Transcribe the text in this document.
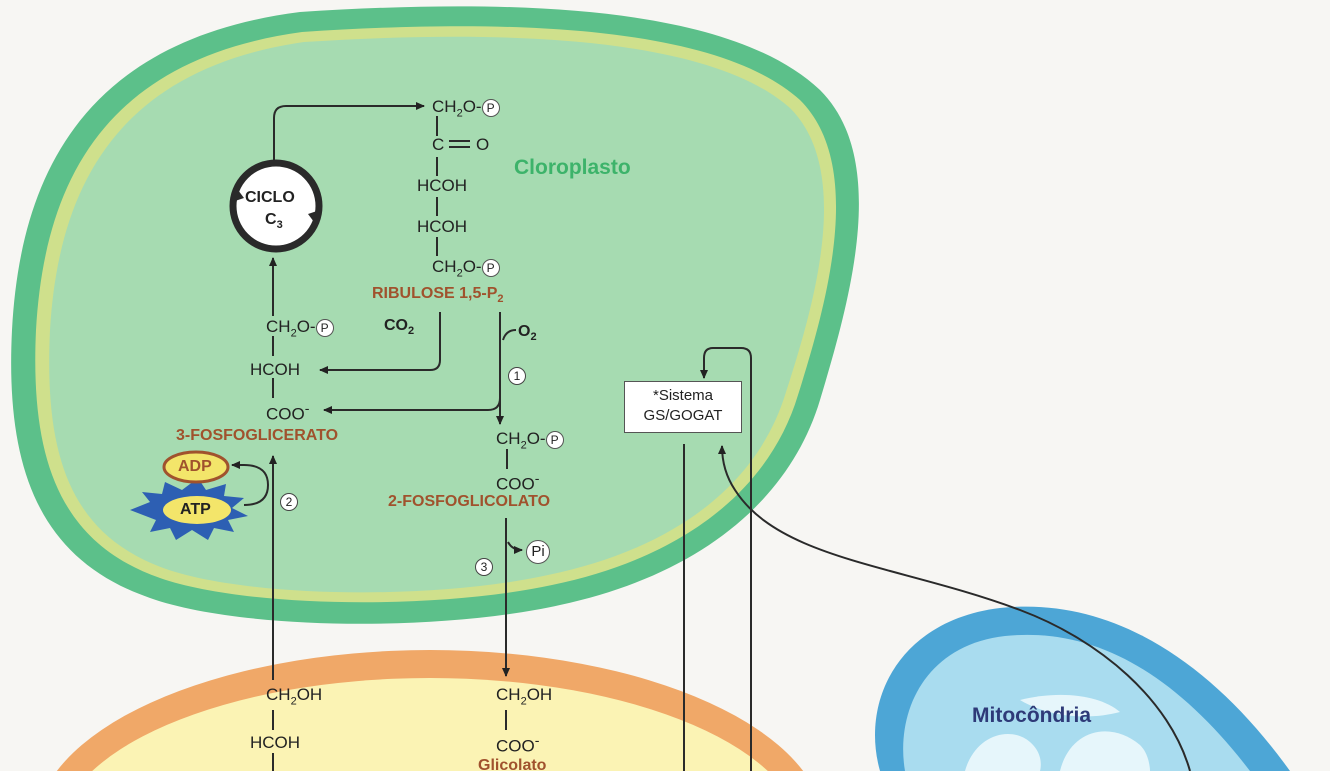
Cloroplasto
Mitocôndria
CICLO
$C_3$
$CH_2O-$ P
C O
HCOH
HCOH
$CH_2O-$ P
RIBULOSE $1,5-P_2$
$CO_2$	$O_2$
$CH_2O-$ P
HCOH
COO-
3-FOSFOGLICERATO
ADP
ATP
1
2
3
$CH_2O-$ P
COO-
2-FOSFOGLICOLATO
Pi
*Sistema
GS/GOGAT
$CH_2OH$
HCOH
$CH_2OH$
COO-
Glicolato
